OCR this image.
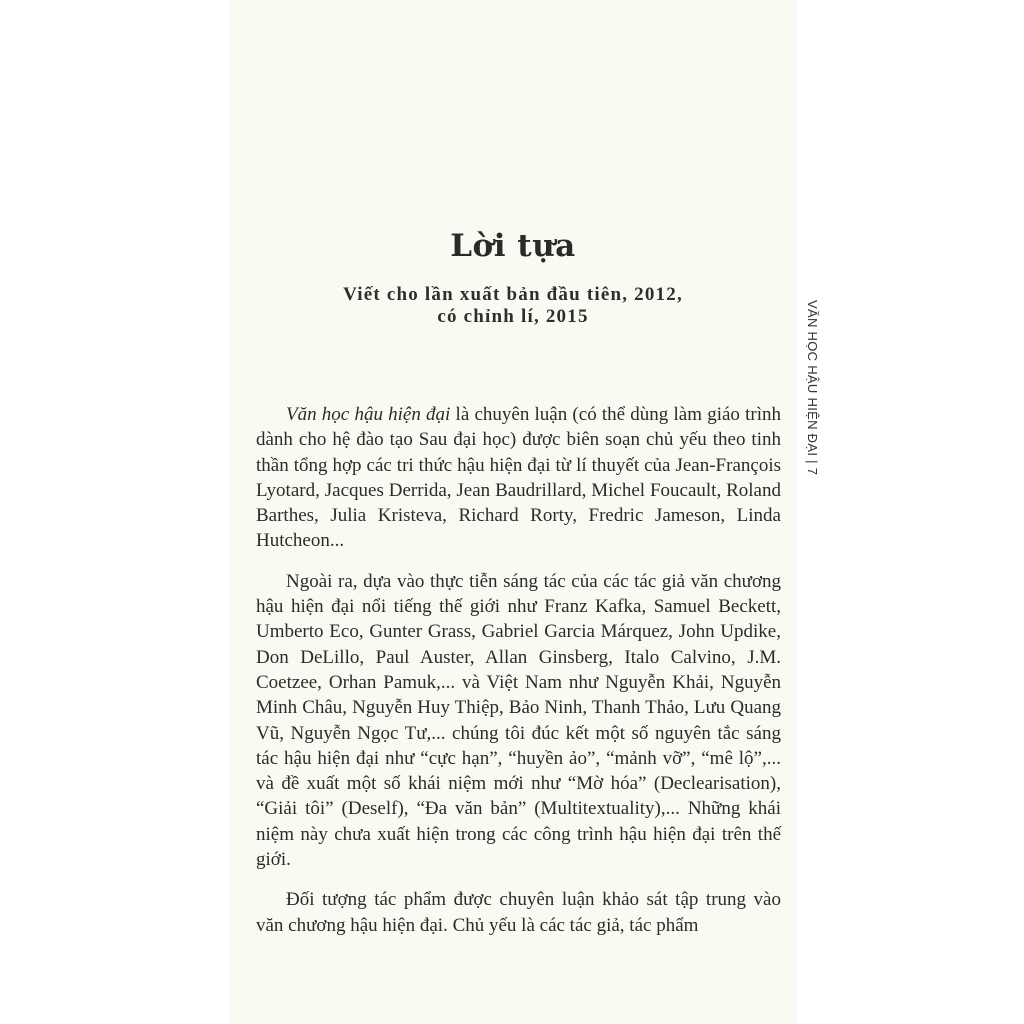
Lời tựa
Viết cho lần xuất bản đầu tiên, 2012,
có chỉnh lí, 2015

Văn học hậu hiện đại là chuyên luận (có thể dùng làm giáo trình dành cho hệ đào tạo Sau đại học) được biên soạn chủ yếu theo tinh thần tổng hợp các tri thức hậu hiện đại từ lí thuyết của Jean-François Lyotard, Jacques Derrida, Jean Baudrillard, Michel Foucault, Roland Barthes, Julia Kristeva, Richard Rorty, Fredric Jameson, Linda Hutcheon...

Ngoài ra, dựa vào thực tiễn sáng tác của các tác giả văn chương hậu hiện đại nổi tiếng thế giới như Franz Kafka, Samuel Beckett, Umberto Eco, Gunter Grass, Gabriel Garcia Márquez, John Updike, Don DeLillo, Paul Auster, Allan Ginsberg, Italo Calvino, J.M. Coetzee, Orhan Pamuk,... và Việt Nam như Nguyễn Khải, Nguyễn Minh Châu, Nguyễn Huy Thiệp, Bảo Ninh, Thanh Thảo, Lưu Quang Vũ, Nguyễn Ngọc Tư,... chúng tôi đúc kết một số nguyên tắc sáng tác hậu hiện đại như “cực hạn”, “huyền ảo”, “mảnh vỡ”, “mê lộ”,... và đề xuất một số khái niệm mới như “Mờ hóa” (Declearisation), “Giải tôi” (Deself), “Đa văn bản” (Multitextuality),... Những khái niệm này chưa xuất hiện trong các công trình hậu hiện đại trên thế giới.

Đối tượng tác phẩm được chuyên luận khảo sát tập trung vào văn chương hậu hiện đại. Chủ yếu là các tác giả, tác phẩm

VĂN HỌC HẬU HIỆN ĐẠI | 7
